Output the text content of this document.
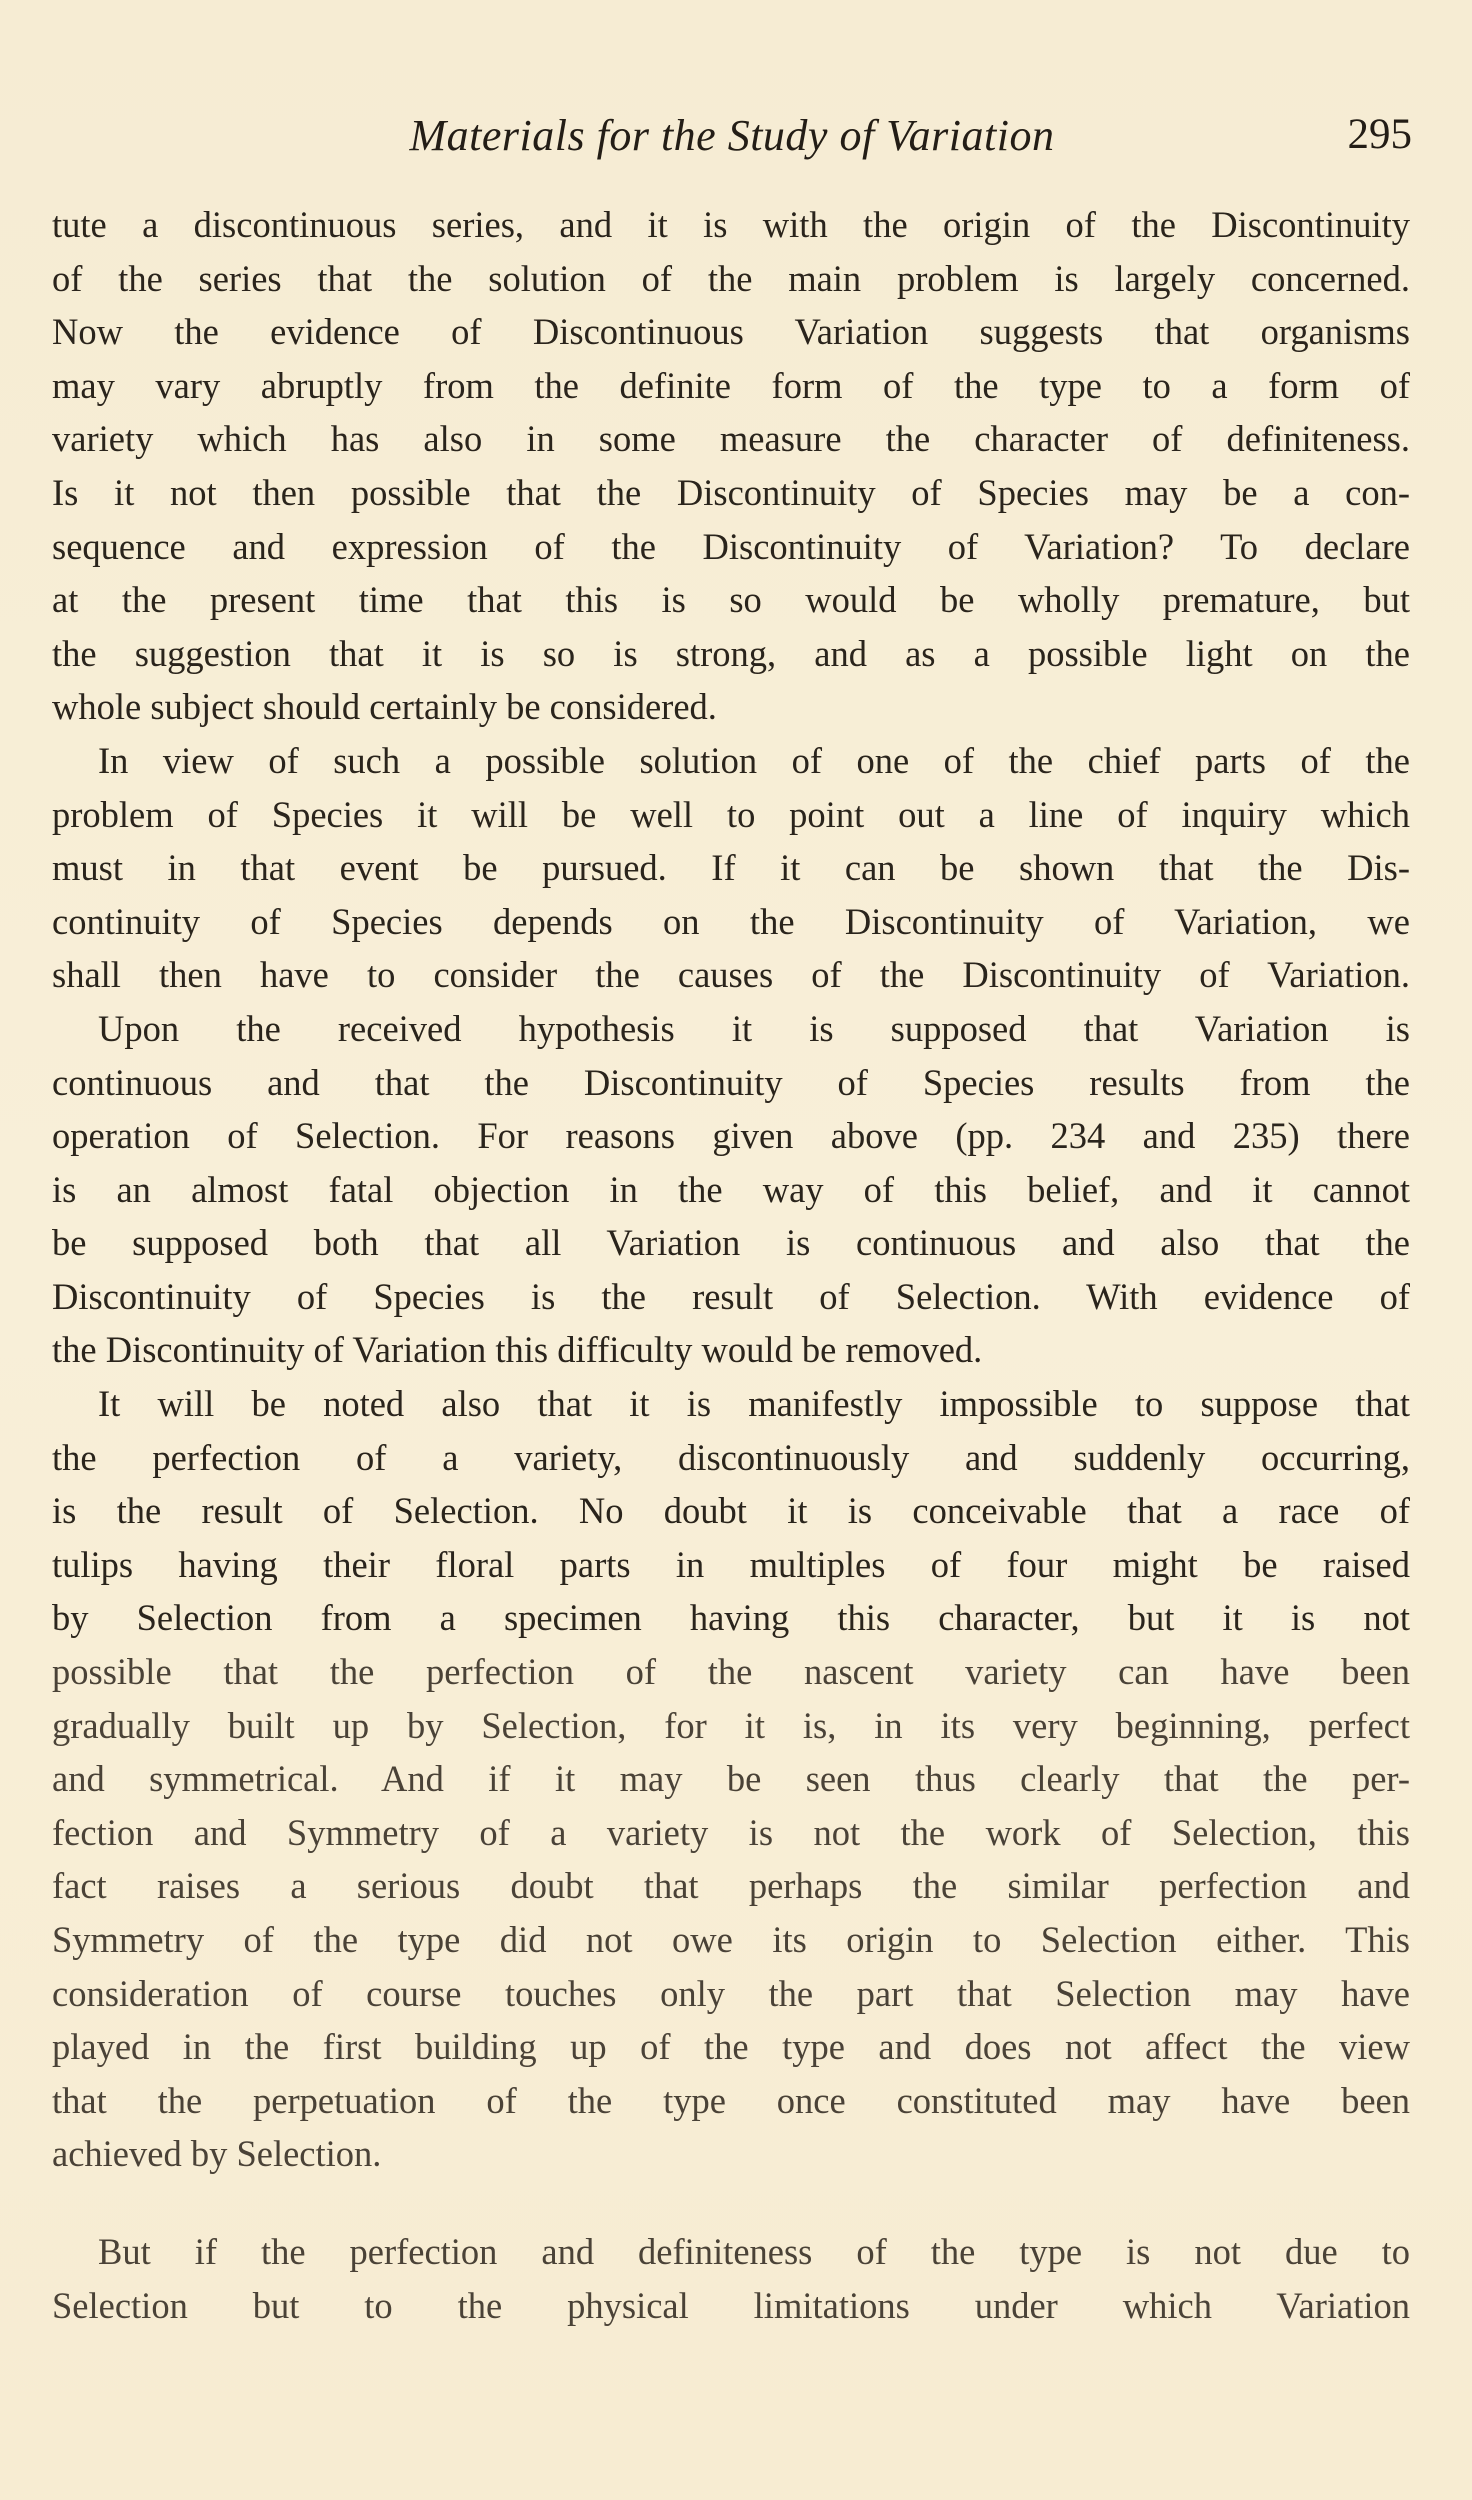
Materials for the Study of Variation	295
tute a discontinuous series, and it is with the origin of the Discontinuity
of the series that the solution of the main problem is largely concerned.
Now the evidence of Discontinuous Variation suggests that organisms
may vary abruptly from the definite form of the type to a form of
variety which has also in some measure the character of definiteness.
Is it not then possible that the Discontinuity of Species may be a con-
sequence and expression of the Discontinuity of Variation? To declare
at the present time that this is so would be wholly premature, but
the suggestion that it is so is strong, and as a possible light on the
whole subject should certainly be considered.
In view of such a possible solution of one of the chief parts of the
problem of Species it will be well to point out a line of inquiry which
must in that event be pursued. If it can be shown that the Dis-
continuity of Species depends on the Discontinuity of Variation, we
shall then have to consider the causes of the Discontinuity of Variation.
Upon the received hypothesis it is supposed that Variation is
continuous and that the Discontinuity of Species results from the
operation of Selection. For reasons given above (pp. 234 and 235) there
is an almost fatal objection in the way of this belief, and it cannot
be supposed both that all Variation is continuous and also that the
Discontinuity of Species is the result of Selection. With evidence of
the Discontinuity of Variation this difficulty would be removed.
It will be noted also that it is manifestly impossible to suppose that
the perfection of a variety, discontinuously and suddenly occurring,
is the result of Selection. No doubt it is conceivable that a race of
tulips having their floral parts in multiples of four might be raised
by Selection from a specimen having this character, but it is not
possible that the perfection of the nascent variety can have been
gradually built up by Selection, for it is, in its very beginning, perfect
and symmetrical. And if it may be seen thus clearly that the per-
fection and Symmetry of a variety is not the work of Selection, this
fact raises a serious doubt that perhaps the similar perfection and
Symmetry of the type did not owe its origin to Selection either. This
consideration of course touches only the part that Selection may have
played in the first building up of the type and does not affect the view
that the perpetuation of the type once constituted may have been
achieved by Selection.
But if the perfection and definiteness of the type is not due to
Selection but to the physical limitations under which Variation
